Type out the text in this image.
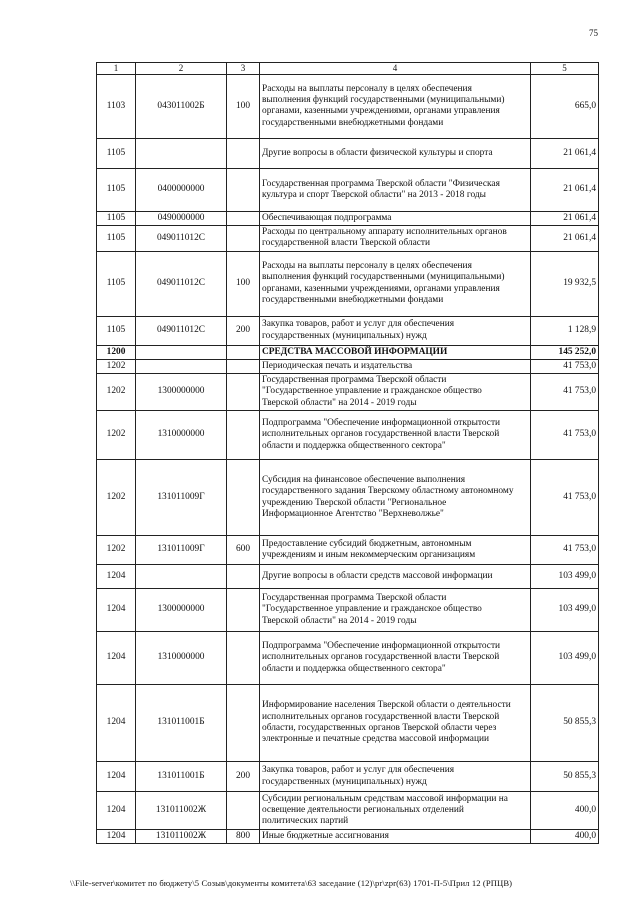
75
1	2	3	4	5
1103	043011002Б	100	Расходы на выплаты персоналу в целях обеспечения
выполнения функций государственными (муниципальными)
органами, казенными учреждениями, органами управления
государственными внебюджетными фондами	665,0
1105			Другие вопросы в области физической культуры и спорта	21 061,4
1105	0400000000		Государственная программа Тверской области "Физическая
культура и спорт Тверской области" на 2013 - 2018 годы	21 061,4
1105	0490000000		Обеспечивающая подпрограмма	21 061,4
1105	049011012С		Расходы по центральному аппарату исполнительных органов
государственной власти Тверской области	21 061,4
1105	049011012С	100	Расходы на выплаты персоналу в целях обеспечения
выполнения функций государственными (муниципальными)
органами, казенными учреждениями, органами управления
государственными внебюджетными фондами	19 932,5
1105	049011012С	200	Закупка товаров, работ и услуг для обеспечения
государственных (муниципальных) нужд	1 128,9
1200			СРЕДСТВА МАССОВОЙ ИНФОРМАЦИИ	145 252,0
1202			Периодическая печать и издательства	41 753,0
1202	1300000000		Государственная программа Тверской области
"Государственное управление и гражданское общество
Тверской области" на 2014 - 2019 годы	41 753,0
1202	1310000000		Подпрограмма "Обеспечение информационной открытости
исполнительных органов государственной власти Тверской
области и поддержка общественного сектора"	41 753,0
1202	131011009Г		Субсидия на финансовое обеспечение выполнения
государственного задания Тверскому областному автономному
учреждению Тверской области "Региональное
Информационное Агентство "Верхневолжье"	41 753,0
1202	131011009Г	600	Предоставление субсидий бюджетным, автономным
учреждениям и иным некоммерческим организациям	41 753,0
1204			Другие вопросы в области средств массовой информации	103 499,0
1204	1300000000		Государственная программа Тверской области
"Государственное управление и гражданское общество
Тверской области" на 2014 - 2019 годы	103 499,0
1204	1310000000		Подпрограмма "Обеспечение информационной открытости
исполнительных органов государственной власти Тверской
области и поддержка общественного сектора"	103 499,0
1204	131011001Б		Информирование населения Тверской области о деятельности
исполнительных органов государственной власти Тверской
области, государственных органов Тверской области через
электронные и печатные средства массовой информации	50 855,3
1204	131011001Б	200	Закупка товаров, работ и услуг для обеспечения
государственных (муниципальных) нужд	50 855,3
1204	131011002Ж		Субсидии региональным средствам массовой информации на
освещение деятельности региональных отделений
политических партий	400,0
1204	131011002Ж	800	Иные бюджетные ассигнования	400,0
\\File-server\комитет по бюджету\5 Созыв\документы комитета\63 заседание (12)\pr\zpr(63) 1701-П-5\Прил 12 (РПЦВ)
